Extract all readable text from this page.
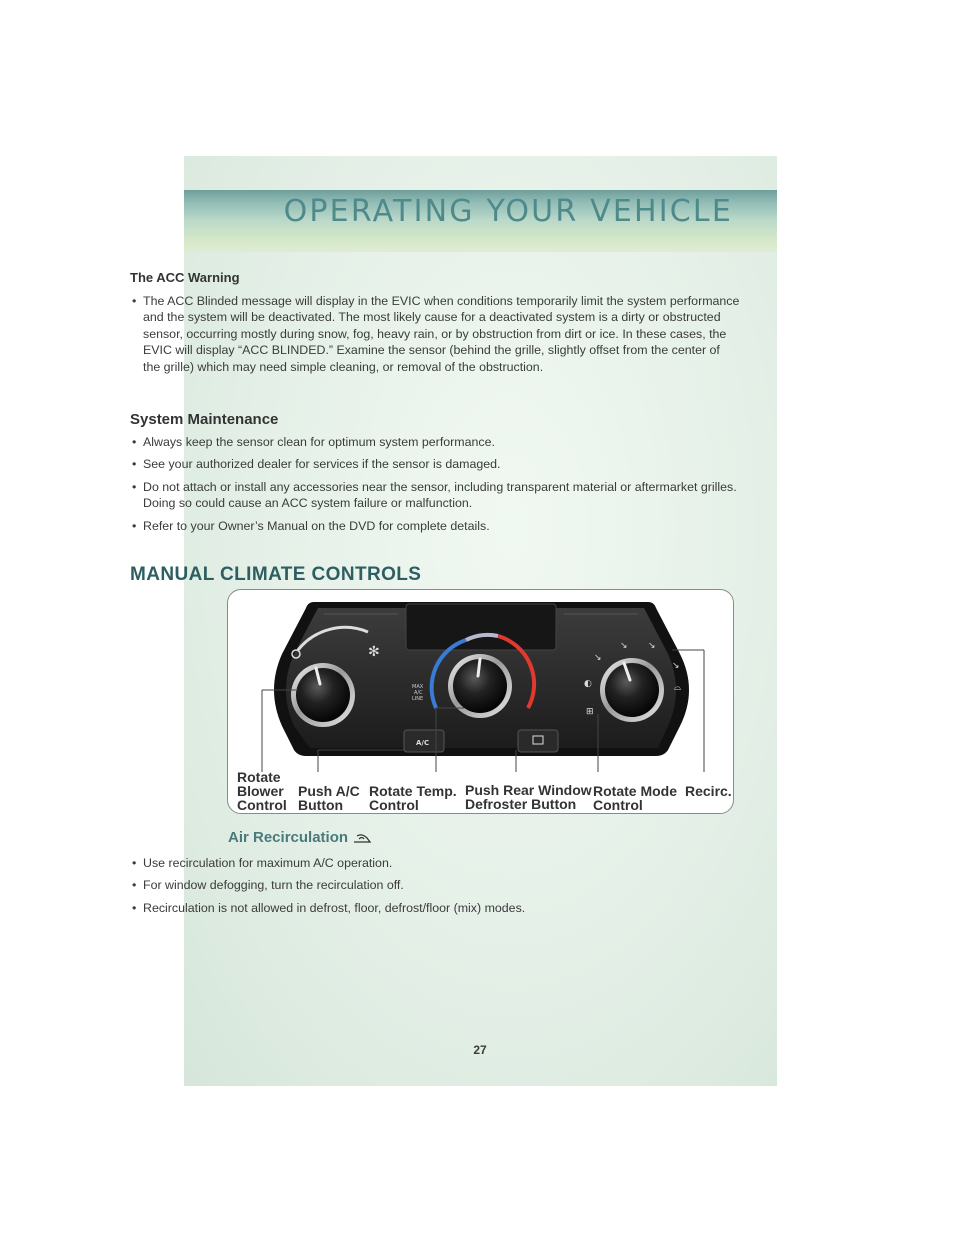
OPERATING YOUR VEHICLE
The ACC Warning
• The ACC Blinded message will display in the EVIC when conditions temporarily limit the system performance and the system will be deactivated. The most likely cause for a deactivated system is a dirty or obstructed sensor, occurring mostly during snow, fog, heavy rain, or by obstruction from dirt or ice. In these cases, the EVIC will display “ACC BLINDED.” Examine the sensor (behind the grille, slightly offset from the center of the grille) which may need simple cleaning, or removal of the obstruction.
System Maintenance
• Always keep the sensor clean for optimum system performance.
• See your authorized dealer for services if the sensor is damaged.
• Do not attach or install any accessories near the sensor, including transparent material or aftermarket grilles. Doing so could cause an ACC system failure or malfunction.
• Refer to your Owner’s Manual on the DVD for complete details.
MANUAL CLIMATE CONTROLS
✻
MAX
A/C
LINE
◐
↘
↘ ↘
↘
⌓
⊞
A/C
Rotate
Blower
Control
Push A/C
Button
Rotate Temp.
Control
Push Rear Window
Defroster Button
Rotate Mode
Control
Recirc.
Air Recirculation
• Use recirculation for maximum A/C operation.
• For window defogging, turn the recirculation off.
• Recirculation is not allowed in defrost, floor, defrost/floor (mix) modes.
27
